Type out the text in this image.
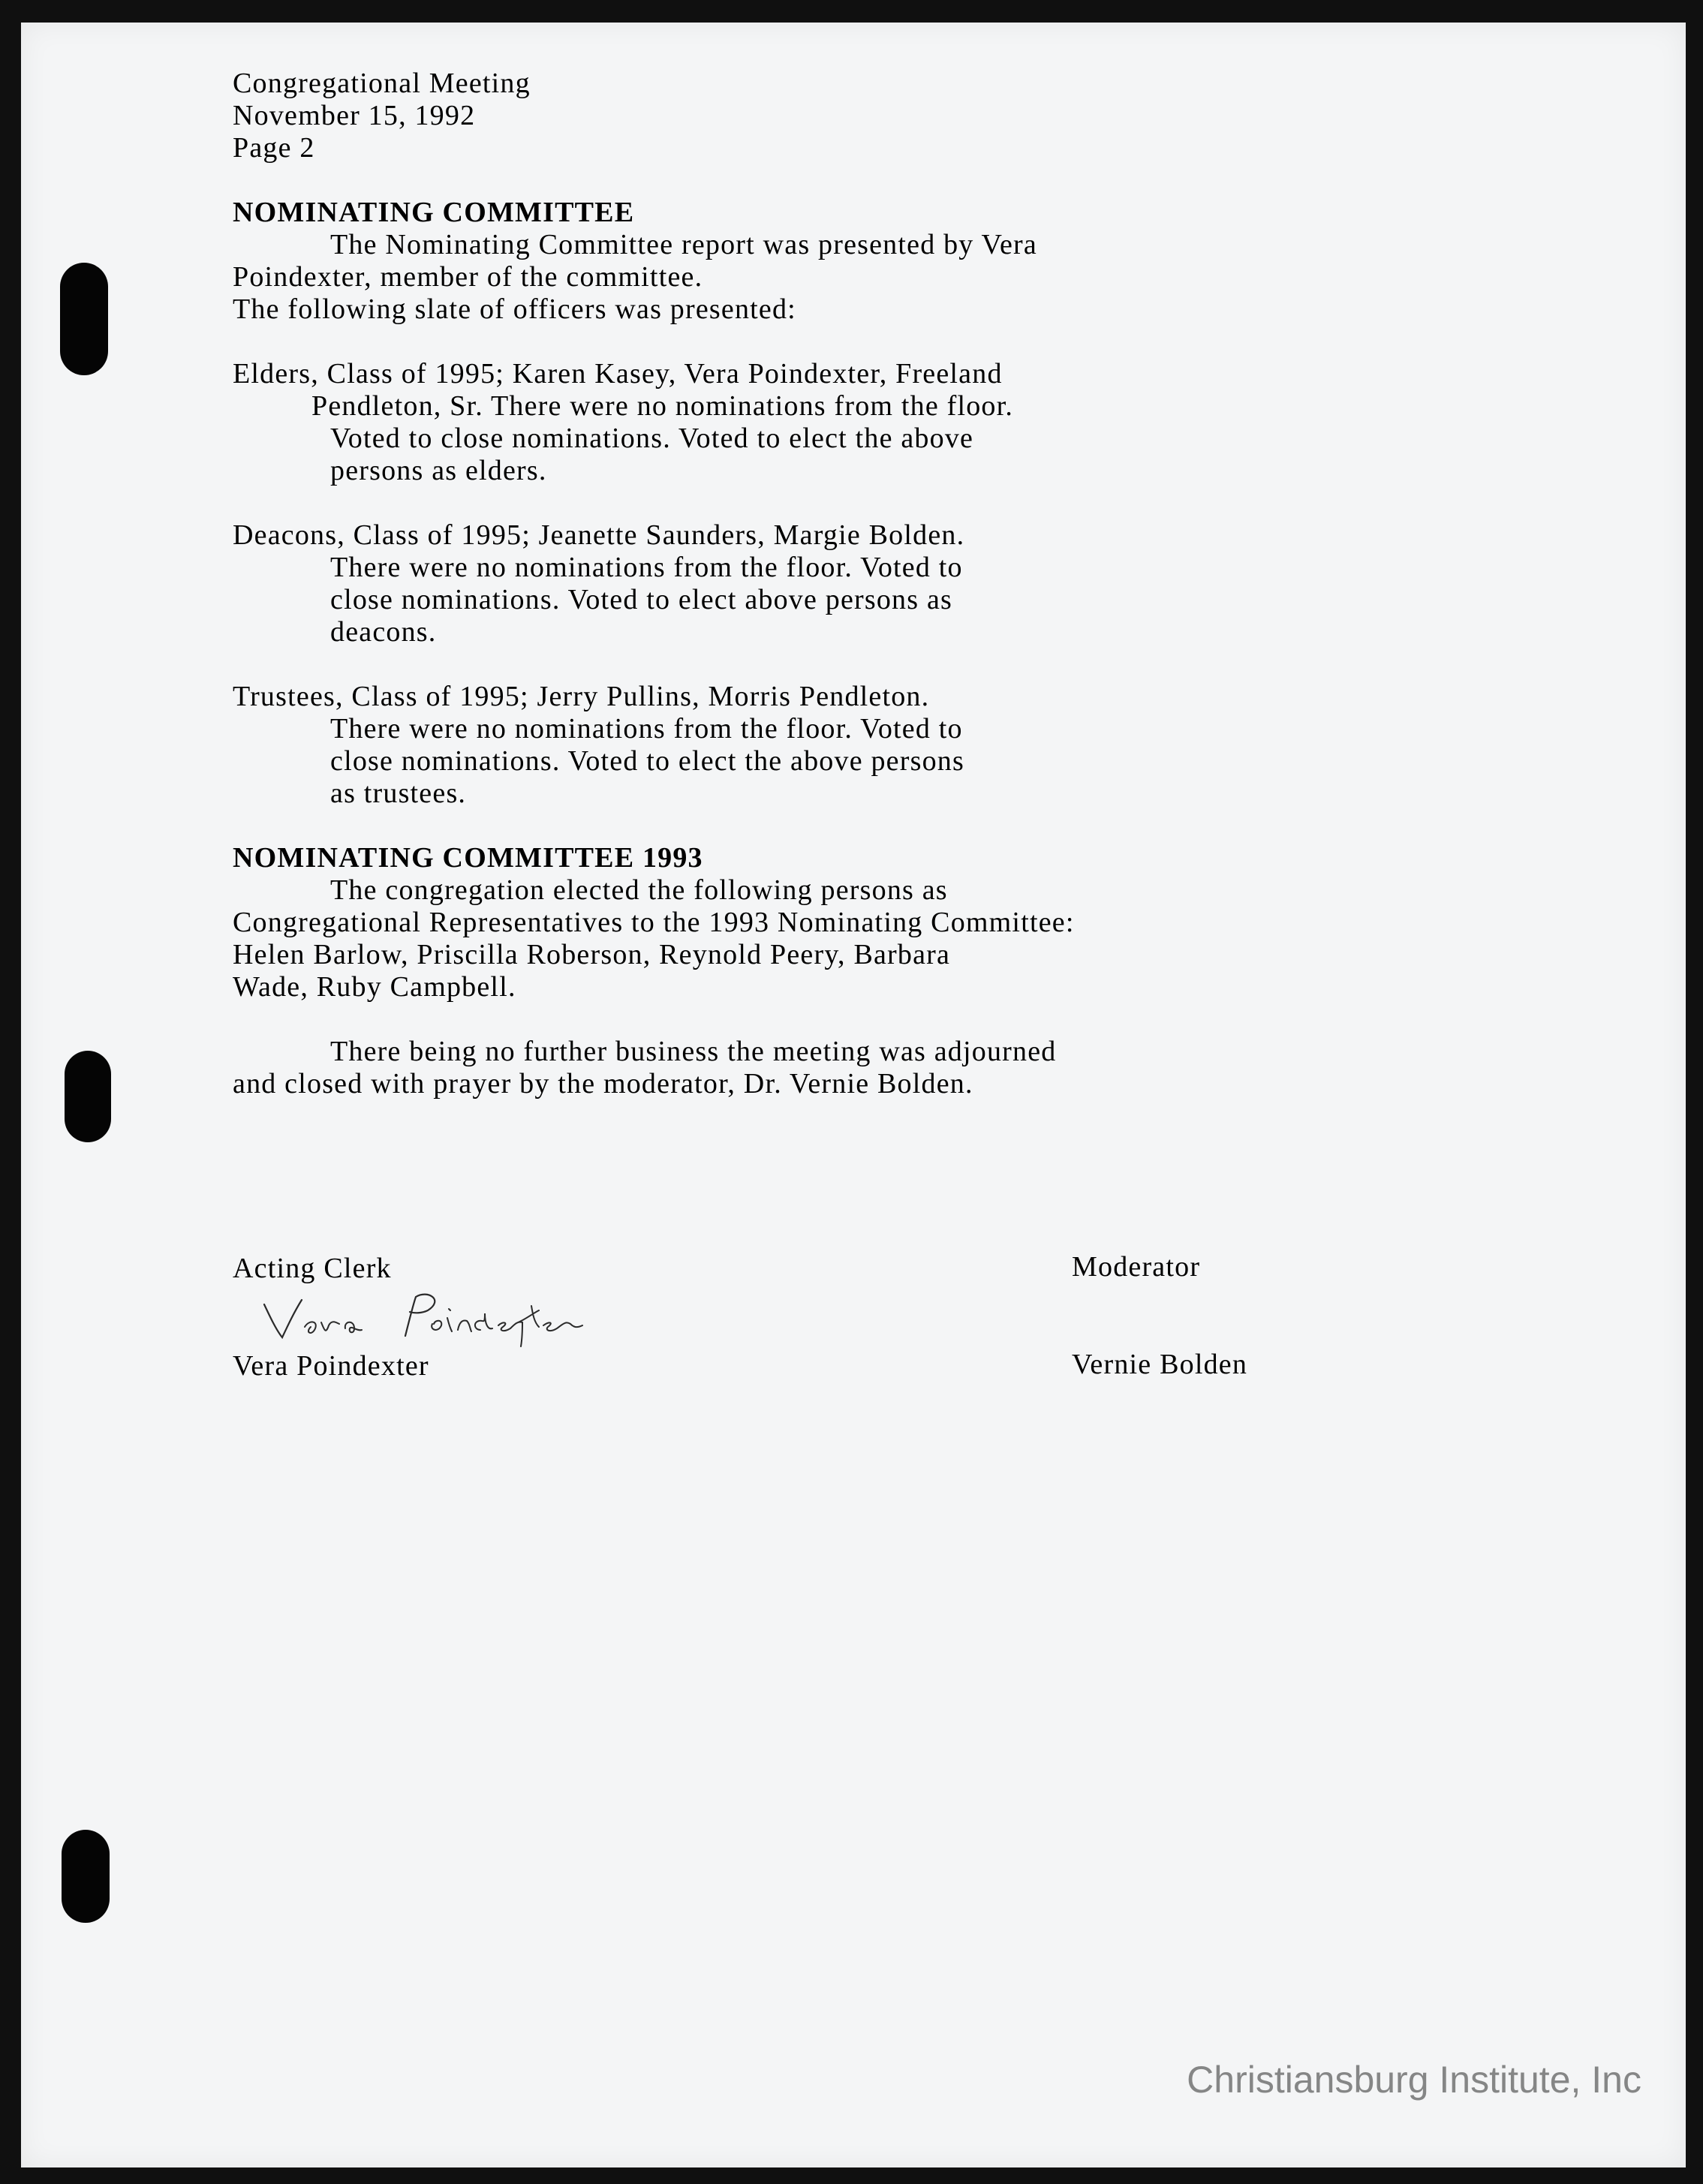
Congregational Meeting
November 15, 1992
Page 2
NOMINATING COMMITTEE
The Nominating Committee report was presented by Vera
Poindexter, member of the committee.
The following slate of officers was presented:
Elders, Class of 1995; Karen Kasey, Vera Poindexter, Freeland
Pendleton, Sr. There were no nominations from the floor.
Voted to close nominations. Voted to elect the above
persons as elders.
Deacons, Class of 1995; Jeanette Saunders, Margie Bolden.
There were no nominations from the floor. Voted to
close nominations. Voted to elect above persons as
deacons.
Trustees, Class of 1995; Jerry Pullins, Morris Pendleton.
There were no nominations from the floor. Voted to
close nominations. Voted to elect the above persons
as trustees.
NOMINATING COMMITTEE 1993
The congregation elected the following persons as
Congregational Representatives to the 1993 Nominating Committee:
Helen Barlow, Priscilla Roberson, Reynold Peery, Barbara
Wade, Ruby Campbell.
There being no further business the meeting was adjourned
and closed with prayer by the moderator, Dr. Vernie Bolden.
Acting Clerk
Vera Poindexter
Moderator
Vernie Bolden
Christiansburg Institute, Inc
